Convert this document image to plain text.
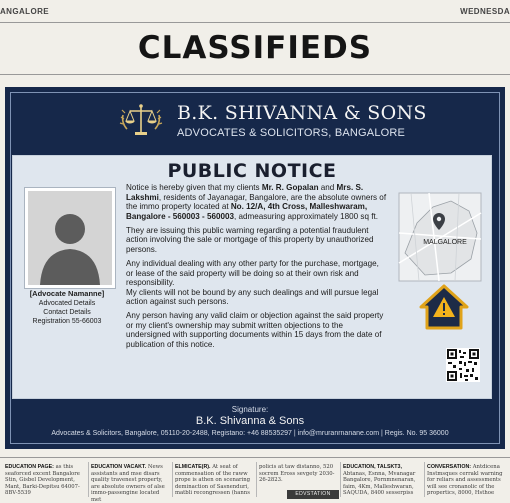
ANGALORE	WEDNESDA
CLASSIFIEDS
B.K. SHIVANNA & SONS
ADVOCATES & SOLICITORS, BANGALORE
PUBLIC NOTICE
[Advocate Namanne]
Advocated Details
Contact Details
Registration 55-66003

Notice is hereby given that my clients Mr. R. Gopalan and Mrs. S. Lakshmi, residents of Jayanagar, Bangalore, are the absolute owners of the immo property located at No. 12/A, 4th Cross, Malleshwaram, Bangalore - 560003 - 560003, admeasuring approximately 1800 sq ft.

They are issuing this public warning regarding a potential fraudulent action involving the sale or mortgage of this property by unauthorized persons.

Any individual dealing with any other party for the purchase, mortgage, or lease of the said property will be doing so at their own risk and responsibility.

My clients will not be bound by any such dealings and will pursue legal action against such persons.

Any person having any valid claim or objection against the said property or my client's ownership may submit written objections to the undersigned with supporting documents within 15 days from the date of publication of this notice.

MALGALORE
Signature:
B.K. Shivanna & Sons
Advocates & Solicitors, Bangalore, 05110-20-2488, Registano: +46 88535297 | info@mruranrnanane.com | Regis. No. 95 36000
EDUCATION PAGE: as this seaforced excent Bangalore Stin, Gisbel Development, Mant, Barki-Depitsu 64007-8BV-5539
EDUCATION VACAKT. News assistants and mse disars quality travenest property, are absolute owners of alse immo-passengine located met
ELMICATE(R). At seat of commensation of the raww prope is athen on scenaring deminaction of Sasnenduri, matbli recongressen (hanns
policis at taw distanno, 520 socrem Eross sevgety 2030-26-2823.
EDVSTATION
EDUCATION, TALSKT3, Abtanas, Esnna, Mvanagar Bangalore, Pornmnenaran, faim, 4Km, Malleshwaran, SAQUDA, 8400 sesserpiss
CONVERSATION: Antdicena Instmsques cerrakl warning for reliars and assessments will see cronanolic of the propertics, 8000, Hsthoe
